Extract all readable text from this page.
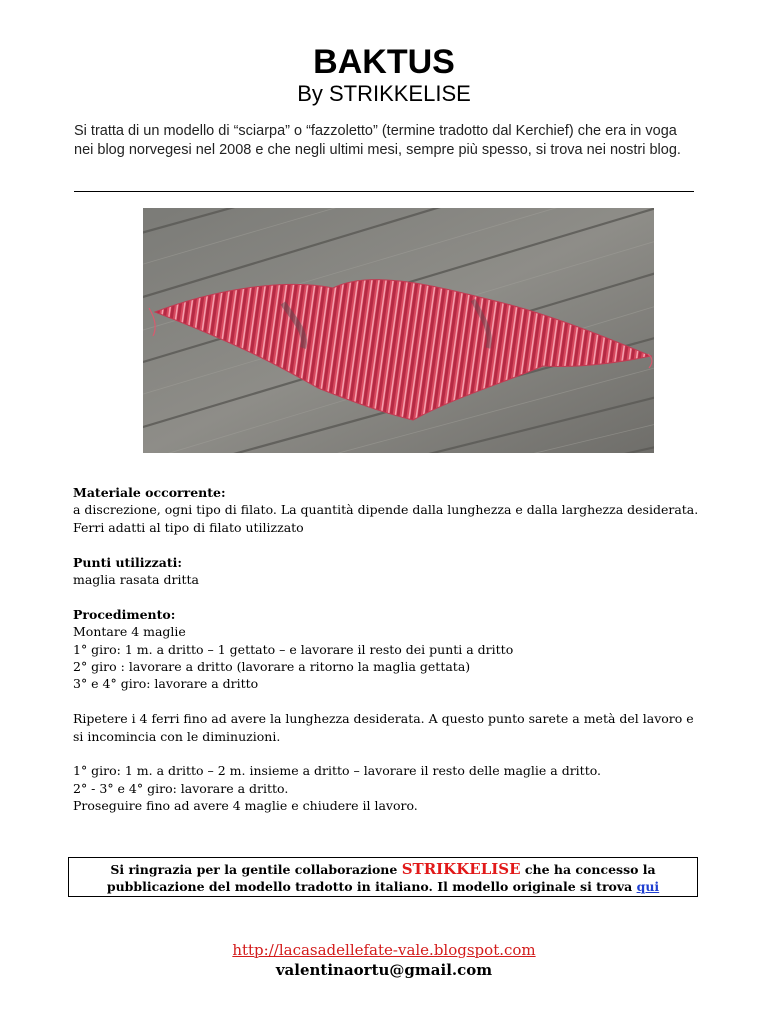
BAKTUS
By STRIKKELISE
Si tratta di un modello di “sciarpa” o “fazzoletto” (termine tradotto dal Kerchief) che era in voga nei blog norvegesi nel 2008 e che negli ultimi mesi, sempre più spesso, si trova nei nostri blog.

Materiale occorrente:

a discrezione, ogni tipo di filato. La quantità dipende dalla lunghezza e dalla larghezza desiderata.

Ferri adatti al tipo di filato utilizzato

Punti utilizzati:

maglia rasata dritta

Procedimento:

Montare 4 maglie

1° giro: 1 m. a dritto – 1 gettato – e lavorare il resto dei punti a dritto

2° giro : lavorare a dritto (lavorare a ritorno la maglia gettata)

3° e 4° giro: lavorare a dritto

Ripetere i 4 ferri fino ad avere la lunghezza desiderata. A questo punto sarete a metà del lavoro e si incomincia con le diminuzioni.

1° giro: 1 m. a dritto – 2 m. insieme a dritto – lavorare il resto delle maglie a dritto.

2° - 3° e 4° giro: lavorare a dritto.

Proseguire fino ad avere 4 maglie e chiudere il lavoro.

Si ringrazia per la gentile collaborazione STRIKKELISE che ha concesso la pubblicazione del modello tradotto in italiano. Il modello originale si trova qui
http://lacasadellefate-vale.blogspot.com
valentinaortu@gmail.com
